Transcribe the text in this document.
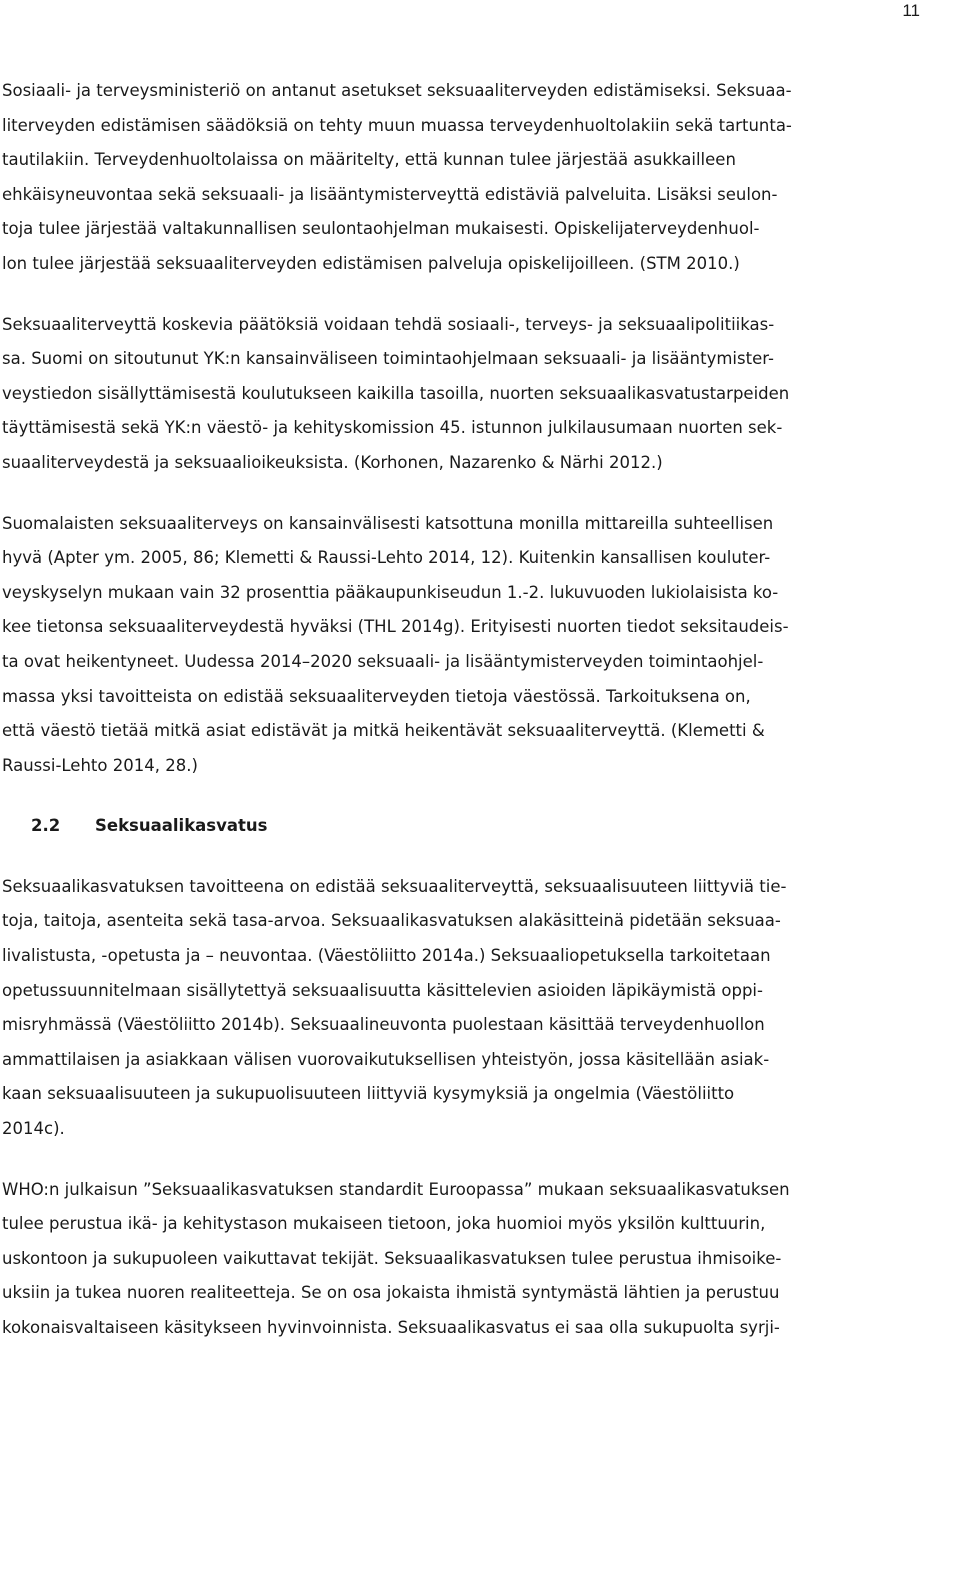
11

Sosiaali- ja terveysministeriö on antanut asetukset seksuaaliterveyden edistämiseksi. Seksuaa-
literveyden edistämisen säädöksiä on tehty muun muassa terveydenhuoltolakiin sekä tartunta-
tautilakiin. Terveydenhuoltolaissa on määritelty, että kunnan tulee järjestää asukkailleen
ehkäisyneuvontaa sekä seksuaali- ja lisääntymisterveyttä edistäviä palveluita. Lisäksi seulon-
toja tulee järjestää valtakunnallisen seulontaohjelman mukaisesti. Opiskelijaterveydenhuol-
lon tulee järjestää seksuaaliterveyden edistämisen palveluja opiskelijoilleen. (STM 2010.)

Seksuaaliterveyttä koskevia päätöksiä voidaan tehdä sosiaali-, terveys- ja seksuaalipolitiikas-
sa. Suomi on sitoutunut YK:n kansainväliseen toimintaohjelmaan seksuaali- ja lisääntymister-
veystiedon sisällyttämisestä koulutukseen kaikilla tasoilla, nuorten seksuaalikasvatustarpeiden
täyttämisestä sekä YK:n väestö- ja kehityskomission 45. istunnon julkilausumaan nuorten sek-
suaaliterveydestä ja seksuaalioikeuksista. (Korhonen, Nazarenko & Närhi 2012.)

Suomalaisten seksuaaliterveys on kansainvälisesti katsottuna monilla mittareilla suhteellisen
hyvä (Apter ym. 2005, 86; Klemetti & Raussi-Lehto 2014, 12). Kuitenkin kansallisen kouluter-
veyskyselyn mukaan vain 32 prosenttia pääkaupunkiseudun 1.-2. lukuvuoden lukiolaisista ko-
kee tietonsa seksuaaliterveydestä hyväksi (THL 2014g). Erityisesti nuorten tiedot seksitaudeis-
ta ovat heikentyneet. Uudessa 2014–2020 seksuaali- ja lisääntymisterveyden toimintaohjel-
massa yksi tavoitteista on edistää seksuaaliterveyden tietoja väestössä. Tarkoituksena on,
että väestö tietää mitkä asiat edistävät ja mitkä heikentävät seksuaaliterveyttä. (Klemetti &
Raussi-Lehto 2014, 28.)

2.2 Seksuaalikasvatus

Seksuaalikasvatuksen tavoitteena on edistää seksuaaliterveyttä, seksuaalisuuteen liittyviä tie-
toja, taitoja, asenteita sekä tasa-arvoa. Seksuaalikasvatuksen alakäsitteinä pidetään seksuaa-
livalistusta, -opetusta ja – neuvontaa. (Väestöliitto 2014a.) Seksuaaliopetuksella tarkoitetaan
opetussuunnitelmaan sisällytettyä seksuaalisuutta käsittelevien asioiden läpikäymistä oppi-
misryhmässä (Väestöliitto 2014b). Seksuaalineuvonta puolestaan käsittää terveydenhuollon
ammattilaisen ja asiakkaan välisen vuorovaikutuksellisen yhteistyön, jossa käsitellään asiak-
kaan seksuaalisuuteen ja sukupuolisuuteen liittyviä kysymyksiä ja ongelmia (Väestöliitto
2014c).

WHO:n julkaisun ”Seksuaalikasvatuksen standardit Euroopassa” mukaan seksuaalikasvatuksen
tulee perustua ikä- ja kehitystason mukaiseen tietoon, joka huomioi myös yksilön kulttuurin,
uskontoon ja sukupuoleen vaikuttavat tekijät. Seksuaalikasvatuksen tulee perustua ihmisoike-
uksiin ja tukea nuoren realiteetteja. Se on osa jokaista ihmistä syntymästä lähtien ja perustuu
kokonaisvaltaiseen käsitykseen hyvinvoinnista. Seksuaalikasvatus ei saa olla sukupuolta syrji-
